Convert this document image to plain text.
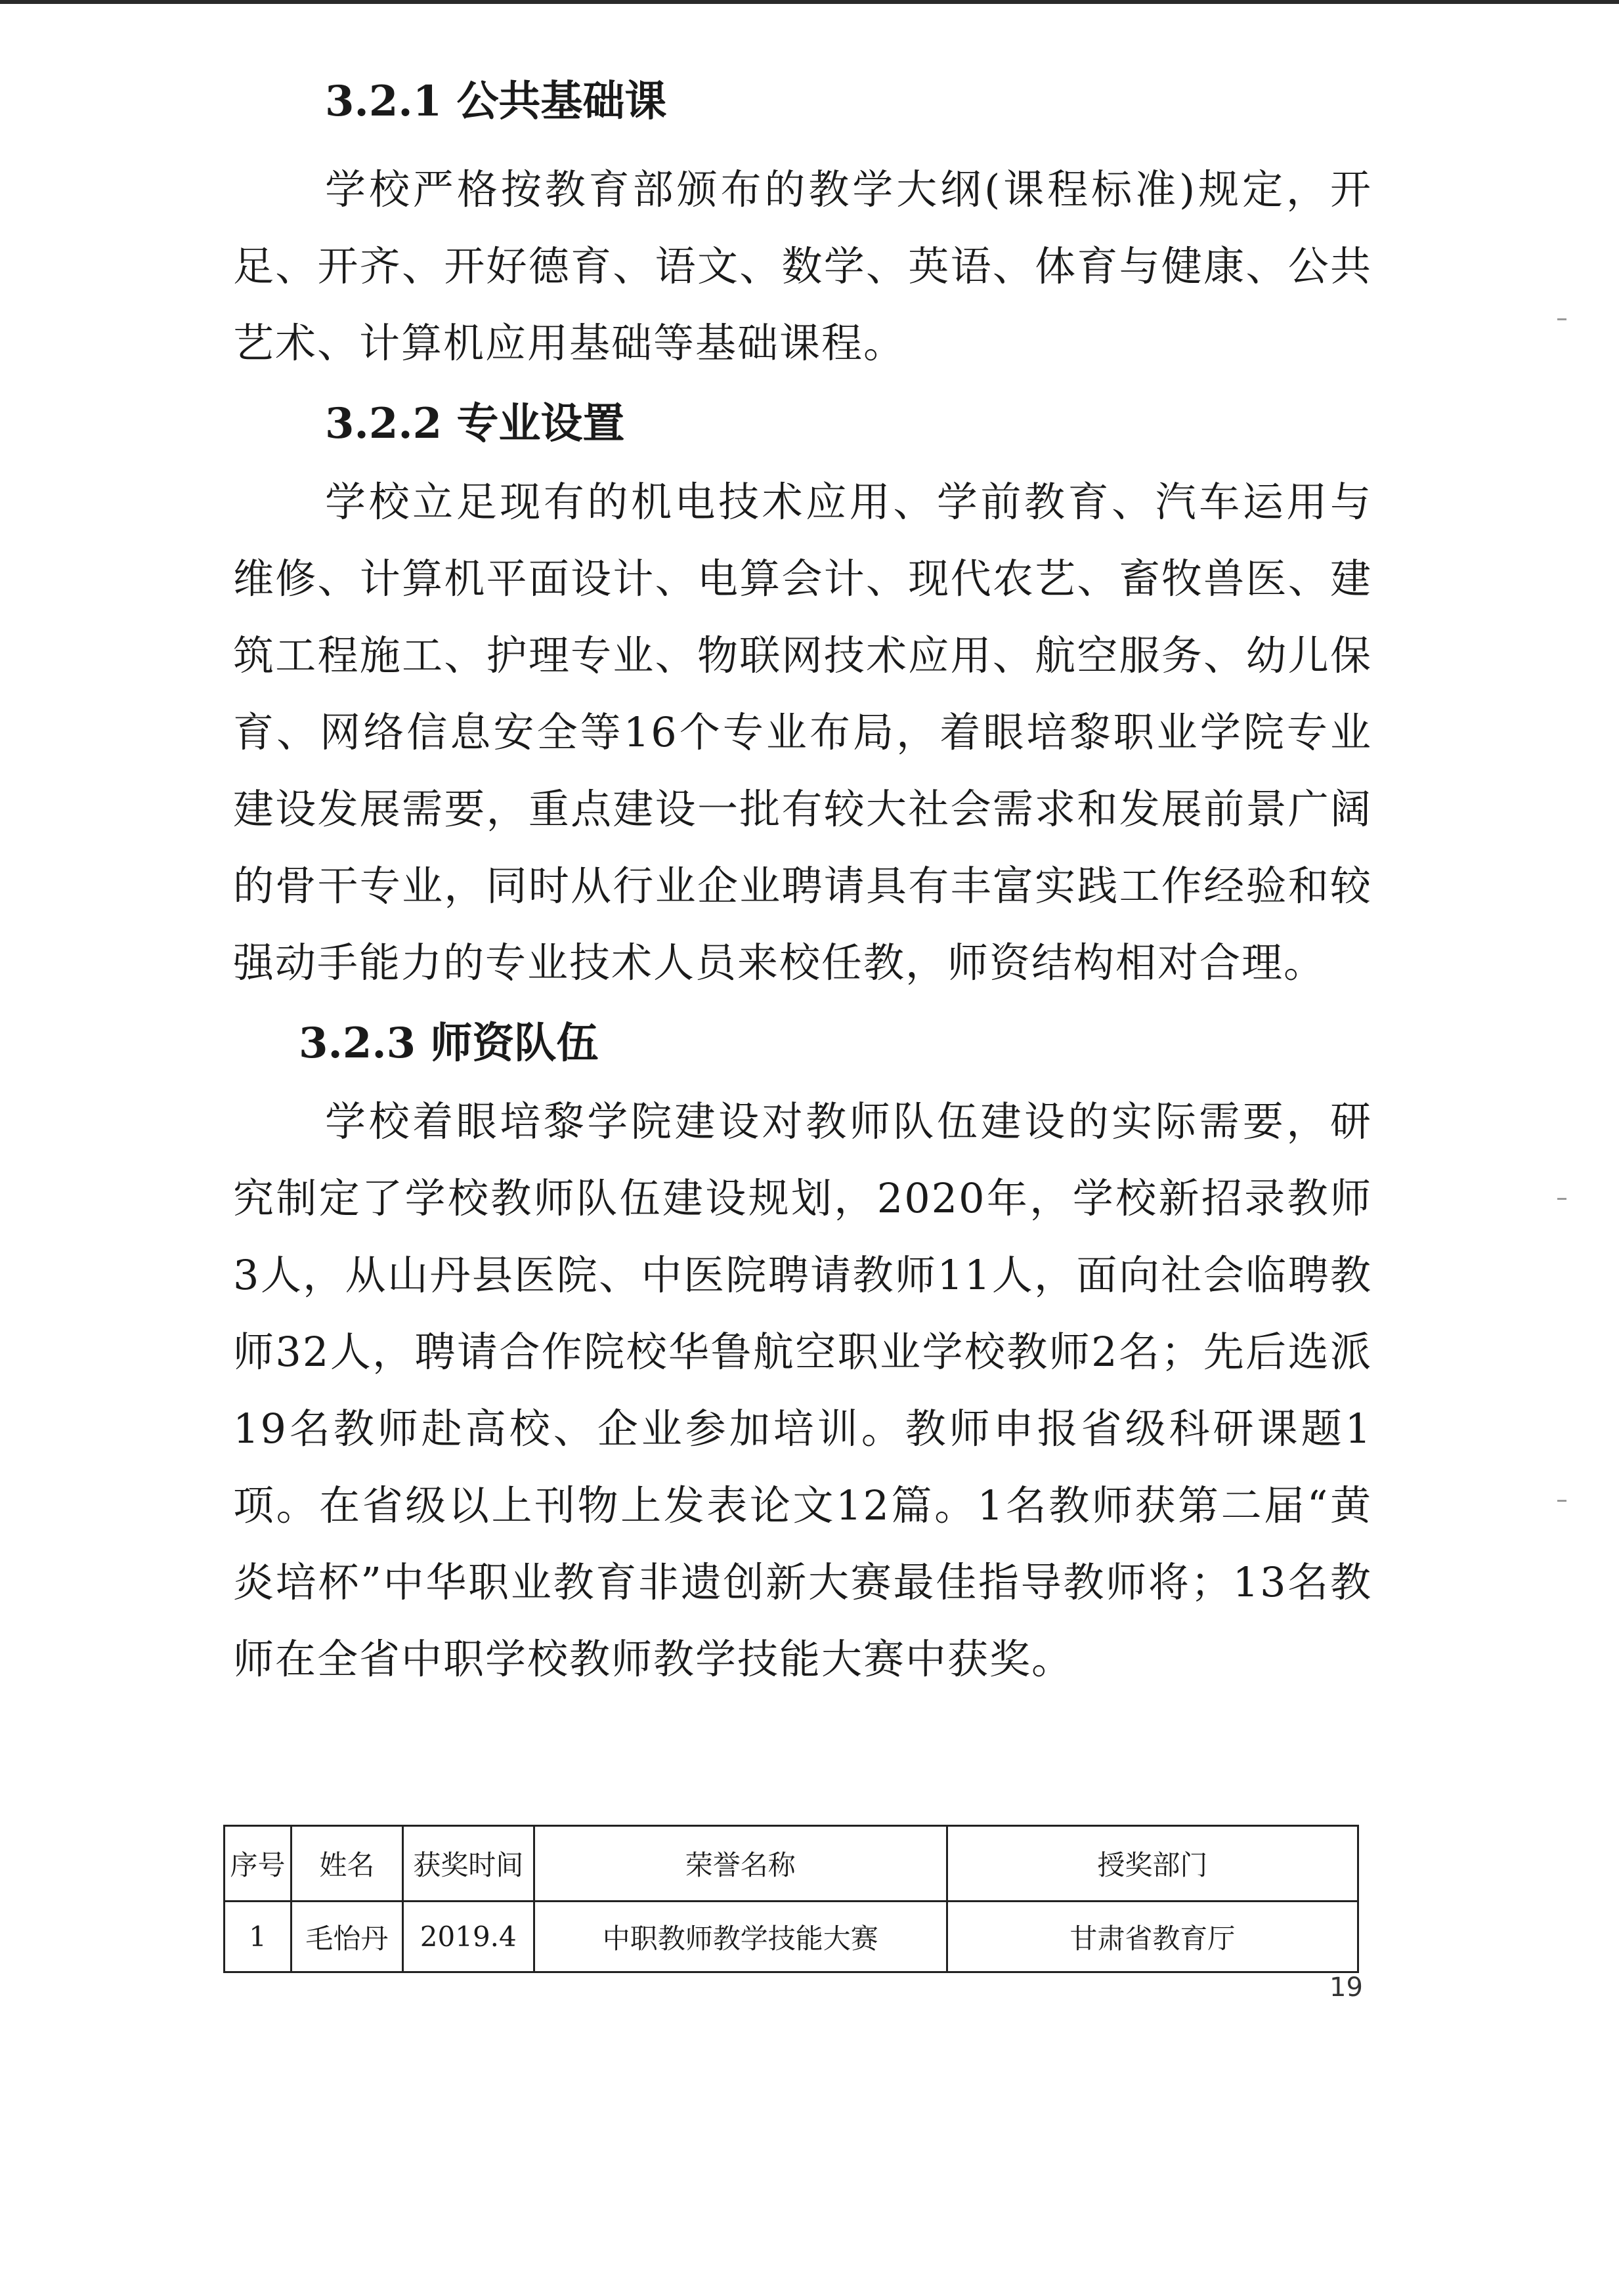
3.2.1 公共基础课

学校严格按教育部颁布的教学大纲(课程标准)规定，开足、开齐、开好德育、语文、数学、英语、体育与健康、公共艺术、计算机应用基础等基础课程。

3.2.2 专业设置

学校立足现有的机电技术应用、学前教育、汽车运用与维修、计算机平面设计、电算会计、现代农艺、畜牧兽医、建筑工程施工、护理专业、物联网技术应用、航空服务、幼儿保育、网络信息安全等16个专业布局，着眼培黎职业学院专业建设发展需要，重点建设一批有较大社会需求和发展前景广阔的骨干专业，同时从行业企业聘请具有丰富实践工作经验和较强动手能力的专业技术人员来校任教，师资结构相对合理。

3.2.3 师资队伍

学校着眼培黎学院建设对教师队伍建设的实际需要，研究制定了学校教师队伍建设规划，2020年，学校新招录教师3人，从山丹县医院、中医院聘请教师11人，面向社会临聘教师32人，聘请合作院校华鲁航空职业学校教师2名；先后选派19名教师赴高校、企业参加培训。教师申报省级科研课题1项。在省级以上刊物上发表论文12篇。1名教师获第二届“黄炎培杯”中华职业教育非遗创新大赛最佳指导教师将；13名教师在全省中职学校教师教学技能大赛中获奖。

序号	姓名	获奖时间	荣誉名称	授奖部门
1	毛怡丹	2019.4	中职教师教学技能大赛	甘肃省教育厅
19
